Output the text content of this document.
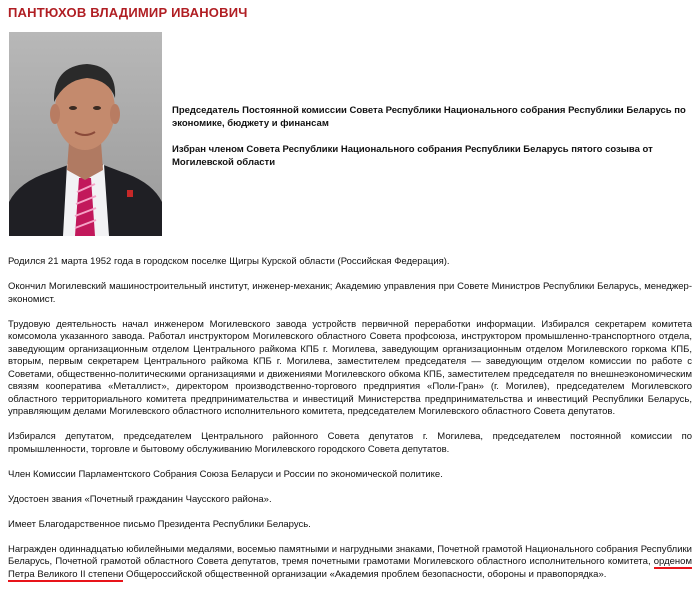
ПАНТЮХОВ ВЛАДИМИР ИВАНОВИЧ

Председатель Постоянной комиссии Совета Республики Национального собрания Республики Беларусь по экономике, бюджету и финансам

Избран членом Совета Республики Национального собрания Республики Беларусь пятого созыва от Могилевской области

Родился 21 марта 1952 года в городском поселке Щигры Курской области (Российская Федерация).

Окончил Могилевский машиностроительный институт, инженер-механик; Академию управления при Совете Министров Республики Беларусь, менеджер-экономист.

Трудовую деятельность начал инженером Могилевского завода устройств первичной переработки информации. Избирался секретарем комитета комсомола указанного завода. Работал инструктором Могилевского областного Совета профсоюза, инструктором промышленно-транспортного отдела, заведующим организационным отделом Центрального райкома КПБ г. Могилева, заведующим организационным отделом Могилевского горкома КПБ, вторым, первым секретарем Центрального райкома КПБ г. Могилева, заместителем председателя — заведующим отделом комиссии по работе с Советами, общественно-политическими организациями и движениями Могилевского обкома КПБ, заместителем председателя по внешнеэкономическим связям кооператива «Металлист», директором производственно-торгового предприятия «Поли-Гран» (г. Могилев), председателем Могилевского областного территориального комитета предпринимательства и инвестиций Министерства предпринимательства и инвестиций Республики Беларусь, управляющим делами Могилевского областного исполнительного комитета, председателем Могилевского областного Совета депутатов.

Избирался депутатом, председателем Центрального районного Совета депутатов г. Могилева, председателем постоянной комиссии по промышленности, торговле и бытовому обслуживанию Могилевского городского Совета депутатов.

Член Комиссии Парламентского Собрания Союза Беларуси и России по экономической политике.

Удостоен звания «Почетный гражданин Чаусского района».

Имеет Благодарственное письмо Президента Республики Беларусь.

Награжден одиннадцатью юбилейными медалями, восемью памятными и нагрудными знаками, Почетной грамотой Национального собрания Республики Беларусь, Почетной грамотой областного Совета депутатов, тремя почетными грамотами Могилевского областного исполнительного комитета, орденом Петра Великого II степени Общероссийской общественной организации «Академия проблем безопасности, обороны и правопорядка».
